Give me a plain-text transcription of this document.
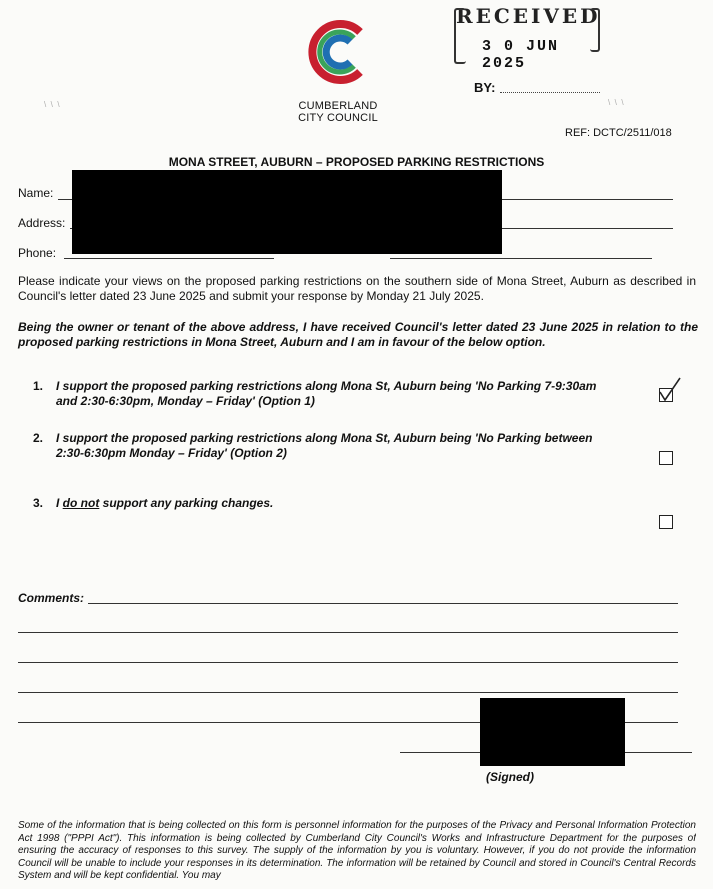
CUMBERLAND
CITY COUNCIL
\  \  \	\  \  \
RECEIVED
3 0 JUN 2025
BY:
REF: DCTC/2511/018
MONA STREET, AUBURN – PROPOSED PARKING RESTRICTIONS
Name:
Address:
Phone:
Please indicate your views on the proposed parking restrictions on the southern side of Mona Street, Auburn as described in Council's letter dated 23 June 2025 and submit your response by Monday 21 July 2025.
Being the owner or tenant of the above address, I have received Council's letter dated 23 June 2025 in relation to the proposed parking restrictions in Mona Street, Auburn and I am in favour of the below option.
1. I support the proposed parking restrictions along Mona St, Auburn being 'No Parking 7-9:30am
and 2:30-6:30pm, Monday – Friday' (Option 1)
2. I support the proposed parking restrictions along Mona St, Auburn being 'No Parking between
2:30-6:30pm Monday – Friday' (Option 2)
3. I do not support any parking changes.
Comments:
(Signed)
Some of the information that is being collected on this form is personnel information for the purposes of the Privacy and Personal Information Protection Act 1998 ("PPPI Act"). This information is being collected by Cumberland City Council's Works and Infrastructure Department for the purposes of ensuring the accuracy of responses to this survey. The supply of the information by you is voluntary. However, if you do not provide the information Council will be unable to include your responses in its determination. The information will be retained by Council and stored in Council's Central Records System and will be kept confidential. You may
